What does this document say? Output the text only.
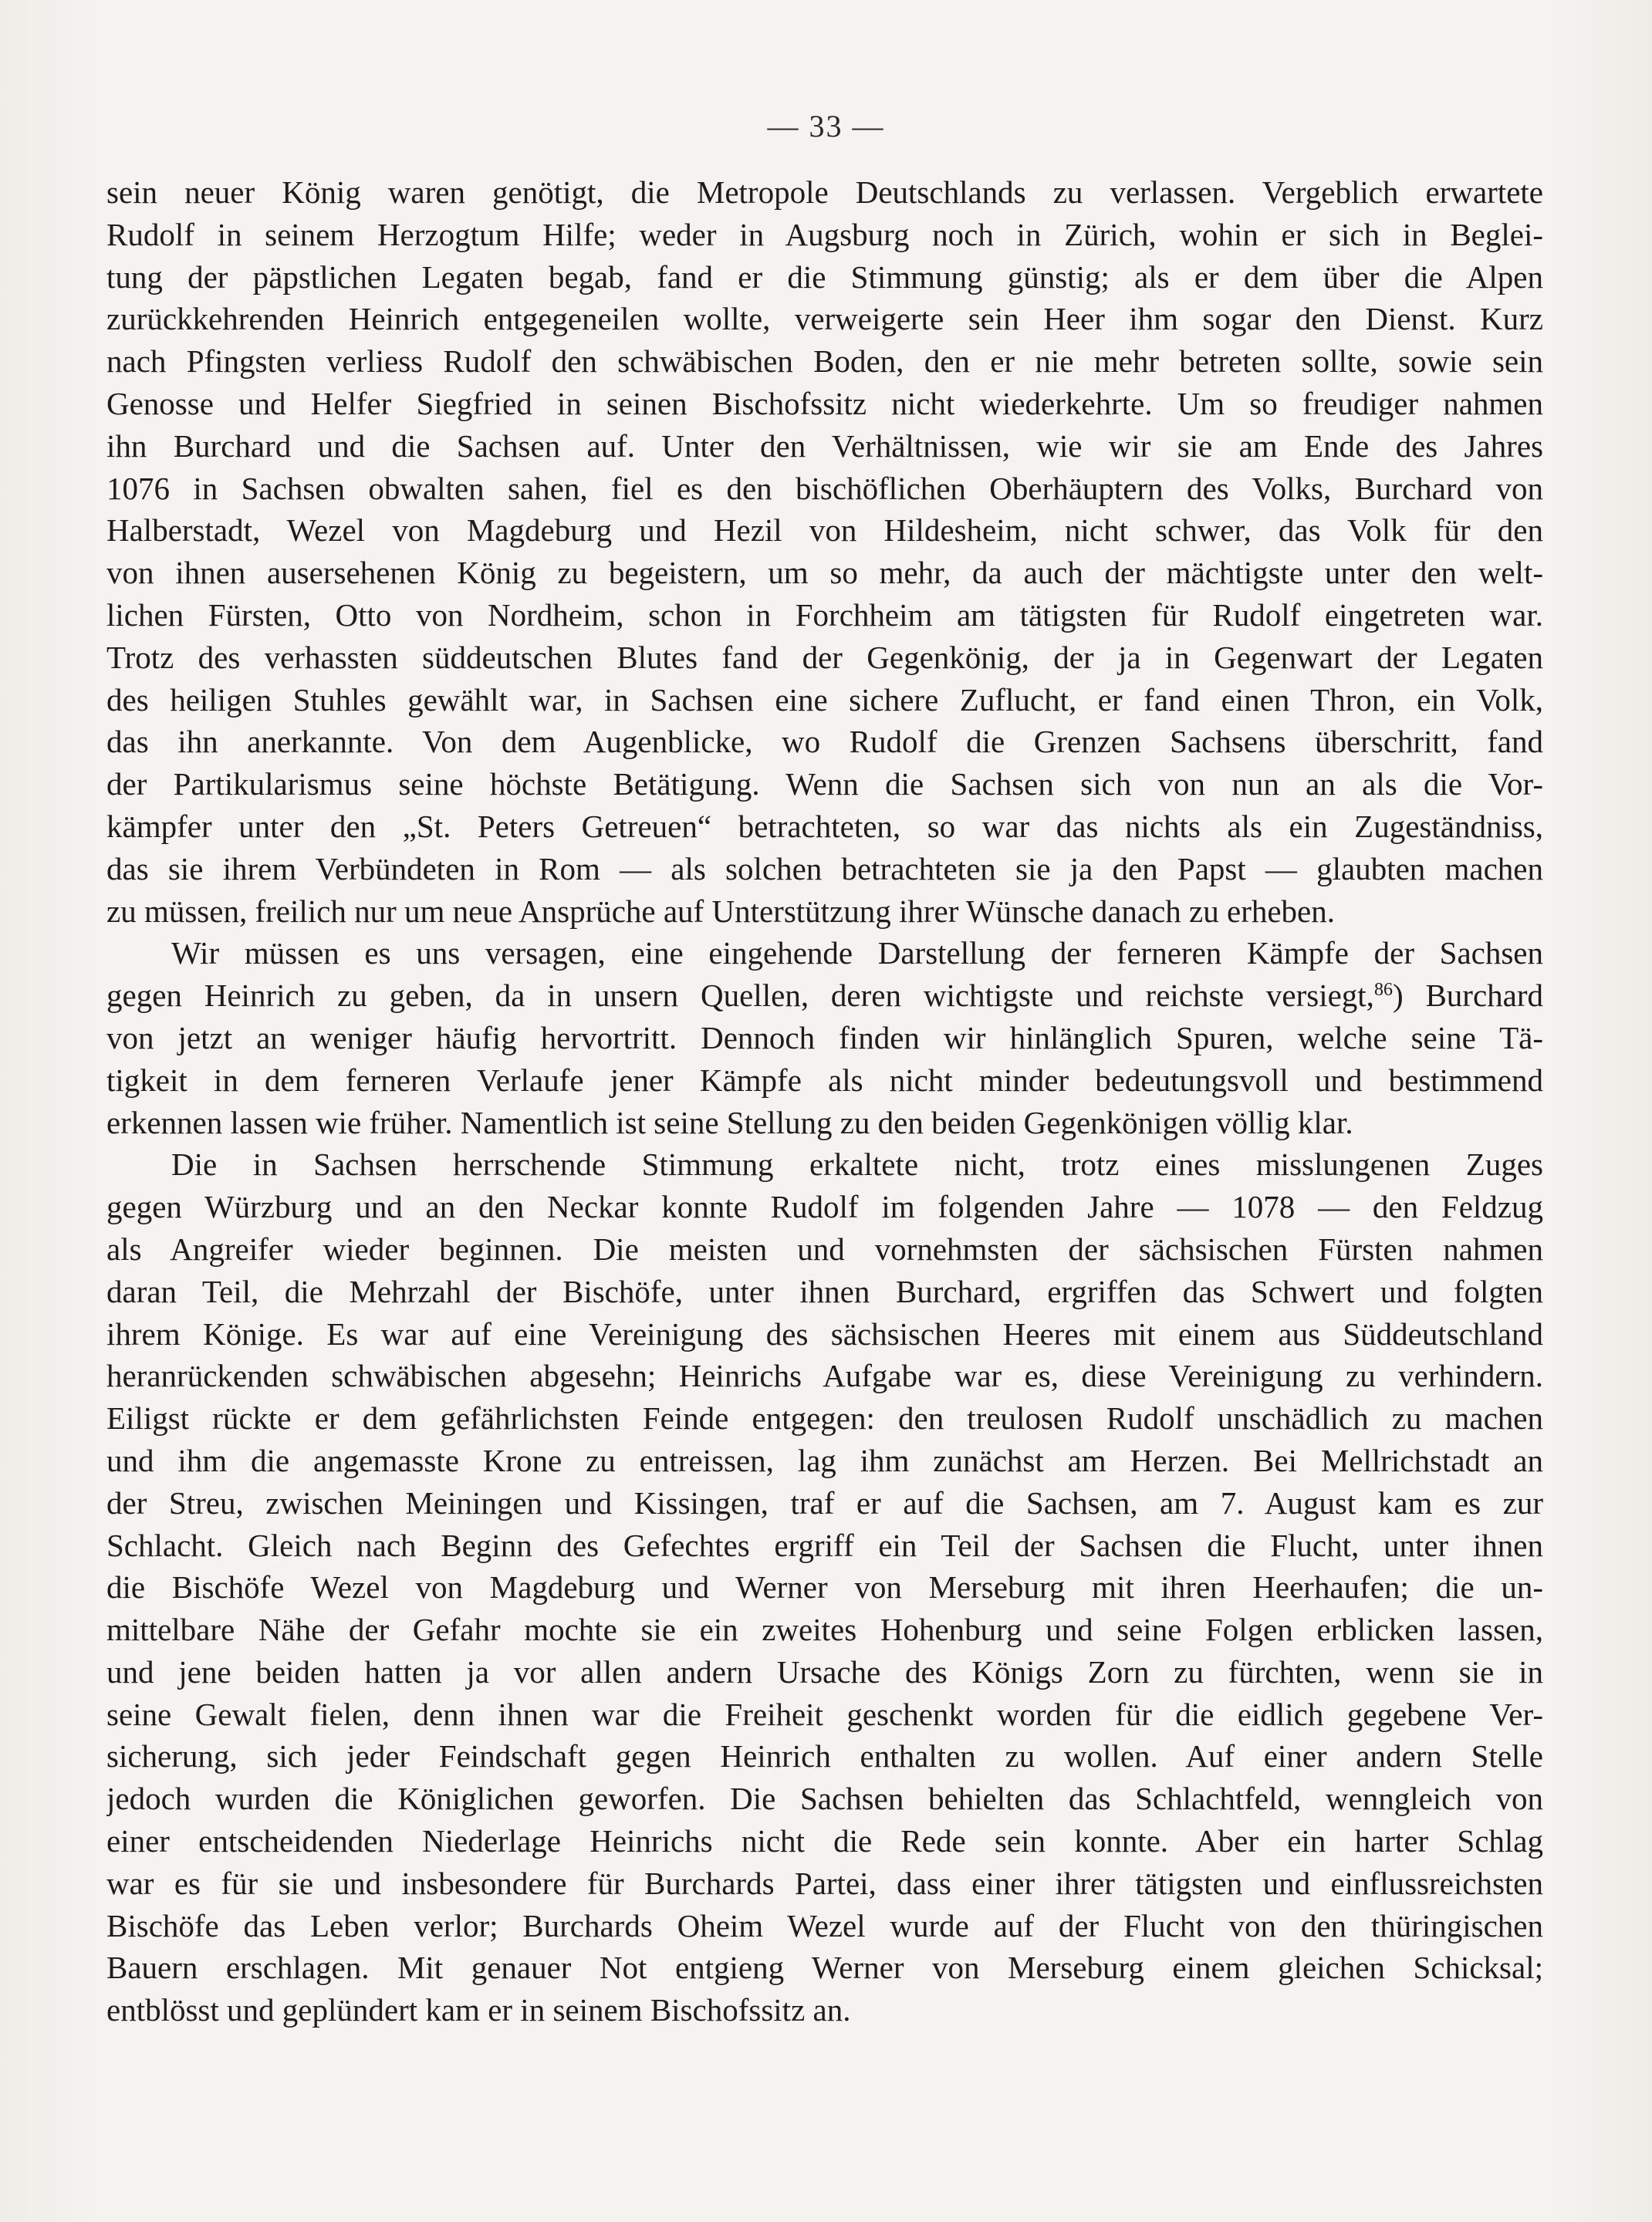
— 33 —
sein neuer König waren genötigt, die Metropole Deutschlands zu verlassen. Vergeblich erwartete
Rudolf in seinem Herzogtum Hilfe; weder in Augsburg noch in Zürich, wohin er sich in Beglei-
tung der päpstlichen Legaten begab, fand er die Stimmung günstig; als er dem über die Alpen
zurückkehrenden Heinrich entgegeneilen wollte, verweigerte sein Heer ihm sogar den Dienst. Kurz
nach Pfingsten verliess Rudolf den schwäbischen Boden, den er nie mehr betreten sollte, sowie sein
Genosse und Helfer Siegfried in seinen Bischofssitz nicht wiederkehrte. Um so freudiger nahmen
ihn Burchard und die Sachsen auf. Unter den Verhältnissen, wie wir sie am Ende des Jahres
1076 in Sachsen obwalten sahen, fiel es den bischöflichen Oberhäuptern des Volks, Burchard von
Halberstadt, Wezel von Magdeburg und Hezil von Hildesheim, nicht schwer, das Volk für den
von ihnen ausersehenen König zu begeistern, um so mehr, da auch der mächtigste unter den welt-
lichen Fürsten, Otto von Nordheim, schon in Forchheim am tätigsten für Rudolf eingetreten war.
Trotz des verhassten süddeutschen Blutes fand der Gegenkönig, der ja in Gegenwart der Legaten
des heiligen Stuhles gewählt war, in Sachsen eine sichere Zuflucht, er fand einen Thron, ein Volk,
das ihn anerkannte. Von dem Augenblicke, wo Rudolf die Grenzen Sachsens überschritt, fand
der Partikularismus seine höchste Betätigung. Wenn die Sachsen sich von nun an als die Vor-
kämpfer unter den „St. Peters Getreuen“ betrachteten, so war das nichts als ein Zugeständniss,
das sie ihrem Verbündeten in Rom — als solchen betrachteten sie ja den Papst — glaubten machen
zu müssen, freilich nur um neue Ansprüche auf Unterstützung ihrer Wünsche danach zu erheben.
Wir müssen es uns versagen, eine eingehende Darstellung der ferneren Kämpfe der Sachsen
gegen Heinrich zu geben, da in unsern Quellen, deren wichtigste und reichste versiegt,$^{86}$) Burchard
von jetzt an weniger häufig hervortritt. Dennoch finden wir hinlänglich Spuren, welche seine Tä-
tigkeit in dem ferneren Verlaufe jener Kämpfe als nicht minder bedeutungsvoll und bestimmend
erkennen lassen wie früher. Namentlich ist seine Stellung zu den beiden Gegenkönigen völlig klar.
Die in Sachsen herrschende Stimmung erkaltete nicht, trotz eines misslungenen Zuges
gegen Würzburg und an den Neckar konnte Rudolf im folgenden Jahre — 1078 — den Feldzug
als Angreifer wieder beginnen. Die meisten und vornehmsten der sächsischen Fürsten nahmen
daran Teil, die Mehrzahl der Bischöfe, unter ihnen Burchard, ergriffen das Schwert und folgten
ihrem Könige. Es war auf eine Vereinigung des sächsischen Heeres mit einem aus Süddeutschland
heranrückenden schwäbischen abgesehn; Heinrichs Aufgabe war es, diese Vereinigung zu verhindern.
Eiligst rückte er dem gefährlichsten Feinde entgegen: den treulosen Rudolf unschädlich zu machen
und ihm die angemasste Krone zu entreissen, lag ihm zunächst am Herzen. Bei Mellrichstadt an
der Streu, zwischen Meiningen und Kissingen, traf er auf die Sachsen, am 7. August kam es zur
Schlacht. Gleich nach Beginn des Gefechtes ergriff ein Teil der Sachsen die Flucht, unter ihnen
die Bischöfe Wezel von Magdeburg und Werner von Merseburg mit ihren Heerhaufen; die un-
mittelbare Nähe der Gefahr mochte sie ein zweites Hohenburg und seine Folgen erblicken lassen,
und jene beiden hatten ja vor allen andern Ursache des Königs Zorn zu fürchten, wenn sie in
seine Gewalt fielen, denn ihnen war die Freiheit geschenkt worden für die eidlich gegebene Ver-
sicherung, sich jeder Feindschaft gegen Heinrich enthalten zu wollen. Auf einer andern Stelle
jedoch wurden die Königlichen geworfen. Die Sachsen behielten das Schlachtfeld, wenngleich von
einer entscheidenden Niederlage Heinrichs nicht die Rede sein konnte. Aber ein harter Schlag
war es für sie und insbesondere für Burchards Partei, dass einer ihrer tätigsten und einflussreichsten
Bischöfe das Leben verlor; Burchards Oheim Wezel wurde auf der Flucht von den thüringischen
Bauern erschlagen. Mit genauer Not entgieng Werner von Merseburg einem gleichen Schicksal;
entblösst und geplündert kam er in seinem Bischofssitz an.
